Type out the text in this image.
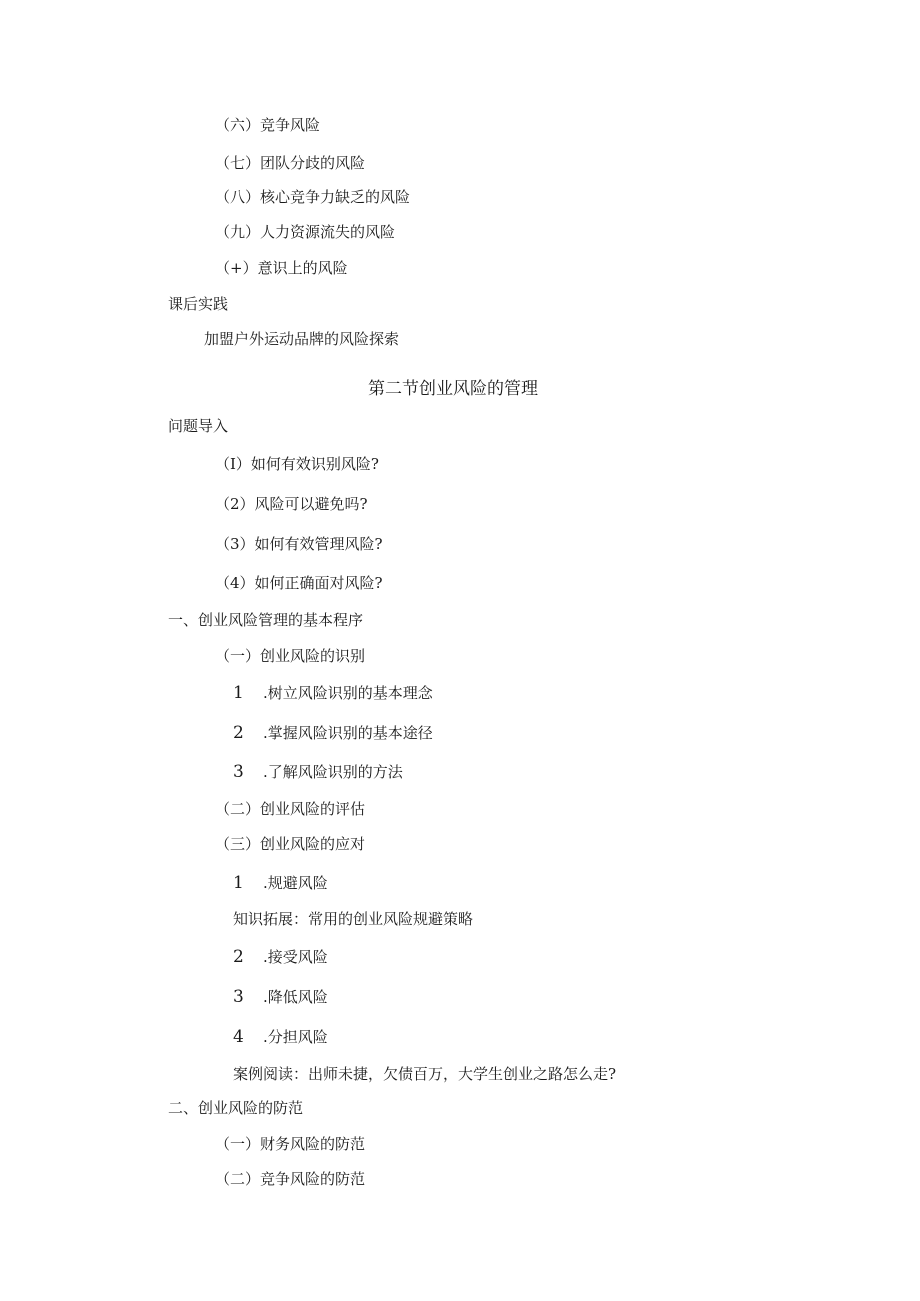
（六）竞争风险
（七）团队分歧的风险
（八）核心竞争力缺乏的风险
（九）人力资源流失的风险
（+）意识上的风险
课后实践
加盟户外运动品牌的风险探索
第二节创业风险的管理
问题导入
（I）如何有效识别风险?
（2）风险可以避免吗?
（3）如何有效管理风险?
（4）如何正确面对风险?
一、创业风险管理的基本程序
（一）创业风险的识别
1 .树立风险识别的基本理念
2 .掌握风险识别的基本途径
3 .了解风险识别的方法
（二）创业风险的评估
（三）创业风险的应对
1 .规避风险
知识拓展：常用的创业风险规避策略
2 .接受风险
3 .降低风险
4 .分担风险
案例阅读：出师未捷，欠债百万，大学生创业之路怎么走?
二、创业风险的防范
（一）财务风险的防范
（二）竞争风险的防范
